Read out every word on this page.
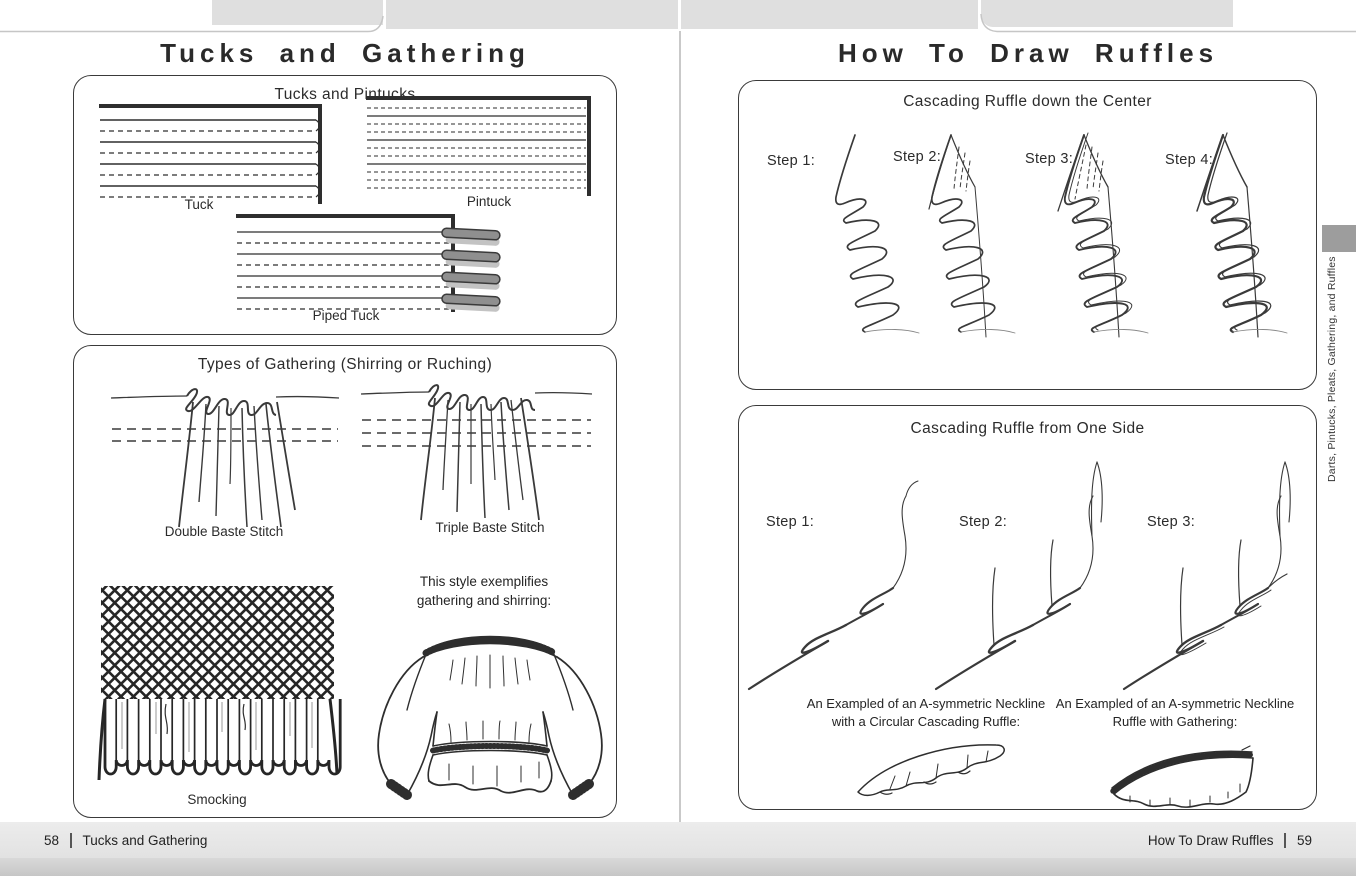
Tucks and Gathering
Tucks and Pintucks
Tuck	Pintuck
Piped Tuck
Types of Gathering (Shirring or Ruching)
Double Baste Stitch	Triple Baste Stitch
This style exemplifies
gathering and shirring:
Smocking
How To Draw Ruffles
Cascading Ruffle down the Center
Step 1:	Step 2:	Step 3:	Step 4:
Cascading Ruffle from One Side
Step 1:	Step 2:	Step 3:
An Exampled of an A-symmetric Neckline
with a Circular Cascading Ruffle:
An Exampled of an A-symmetric Neckline
Ruffle with Gathering:
Darts, Pintucks, Pleats, Gathering, and Ruffles
58 Tucks and Gathering	How To Draw Ruffles 59
